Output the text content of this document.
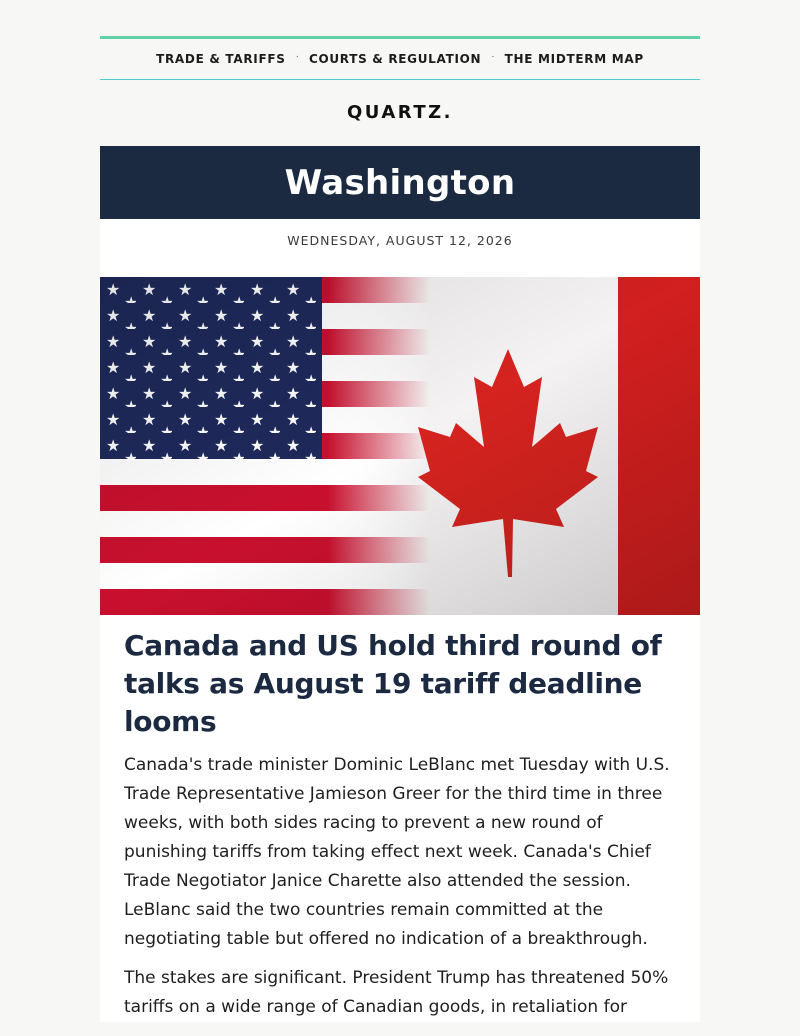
TRADE & TARIFFS · COURTS & REGULATION · THE MIDTERM MAP
QUARTZ.
Washington
WEDNESDAY, AUGUST 12, 2026
Canada and US hold third round of talks as August 19 tariff deadline looms

Canada's trade minister Dominic LeBlanc met Tuesday with U.S. Trade Representative Jamieson Greer for the third time in three weeks, with both sides racing to prevent a new round of punishing tariffs from taking effect next week. Canada's Chief Trade Negotiator Janice Charette also attended the session. LeBlanc said the two countries remain committed at the negotiating table but offered no indication of a breakthrough.

The stakes are significant. President Trump has threatened 50% tariffs on a wide range of Canadian goods, in retaliation for
